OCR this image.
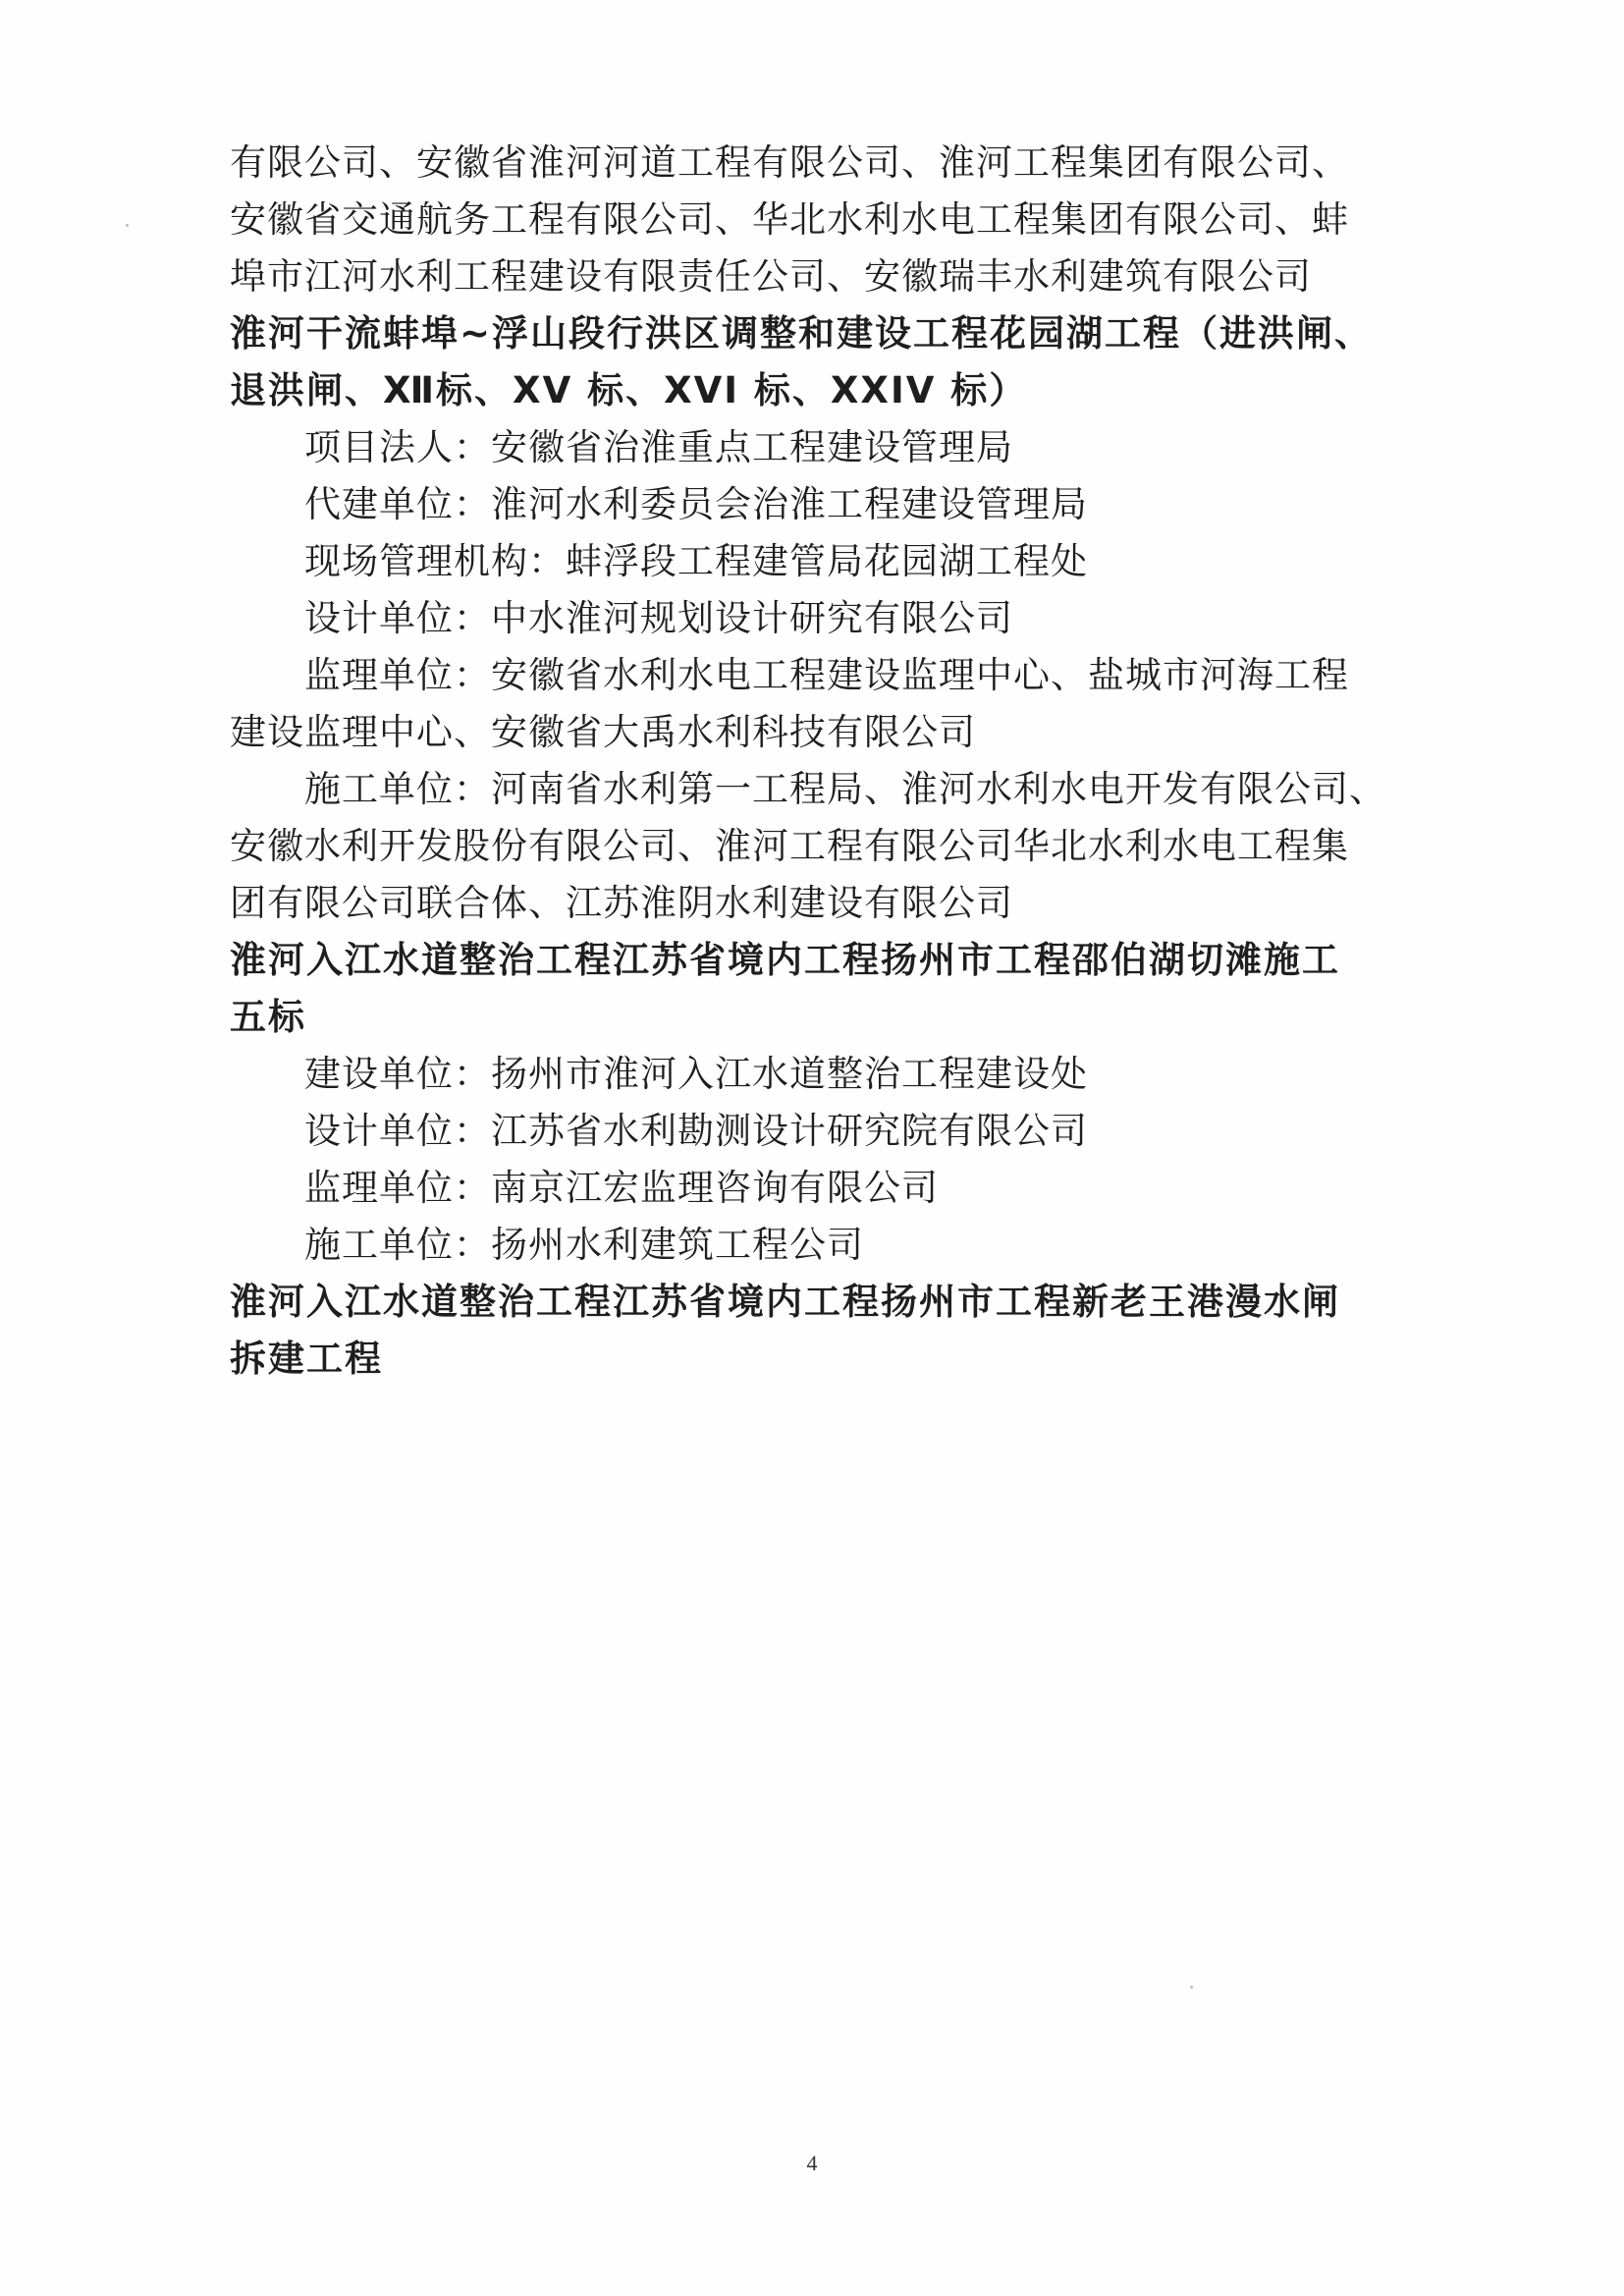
有限公司、安徽省淮河河道工程有限公司、淮河工程集团有限公司、
安徽省交通航务工程有限公司、华北水利水电工程集团有限公司、蚌
埠市江河水利工程建设有限责任公司、安徽瑞丰水利建筑有限公司
淮河干流蚌埠~浮山段行洪区调整和建设工程花园湖工程（进洪闸、
退洪闸、Ⅻ标、XV 标、XVI 标、XXIV 标）
项目法人：安徽省治淮重点工程建设管理局
代建单位：淮河水利委员会治淮工程建设管理局
现场管理机构：蚌浮段工程建管局花园湖工程处
设计单位：中水淮河规划设计研究有限公司
监理单位：安徽省水利水电工程建设监理中心、盐城市河海工程
建设监理中心、安徽省大禹水利科技有限公司
施工单位：河南省水利第一工程局、淮河水利水电开发有限公司、
安徽水利开发股份有限公司、淮河工程有限公司华北水利水电工程集
团有限公司联合体、江苏淮阴水利建设有限公司
淮河入江水道整治工程江苏省境内工程扬州市工程邵伯湖切滩施工
五标
建设单位：扬州市淮河入江水道整治工程建设处
设计单位：江苏省水利勘测设计研究院有限公司
监理单位：南京江宏监理咨询有限公司
施工单位：扬州水利建筑工程公司
淮河入江水道整治工程江苏省境内工程扬州市工程新老王港漫水闸
拆建工程
4
